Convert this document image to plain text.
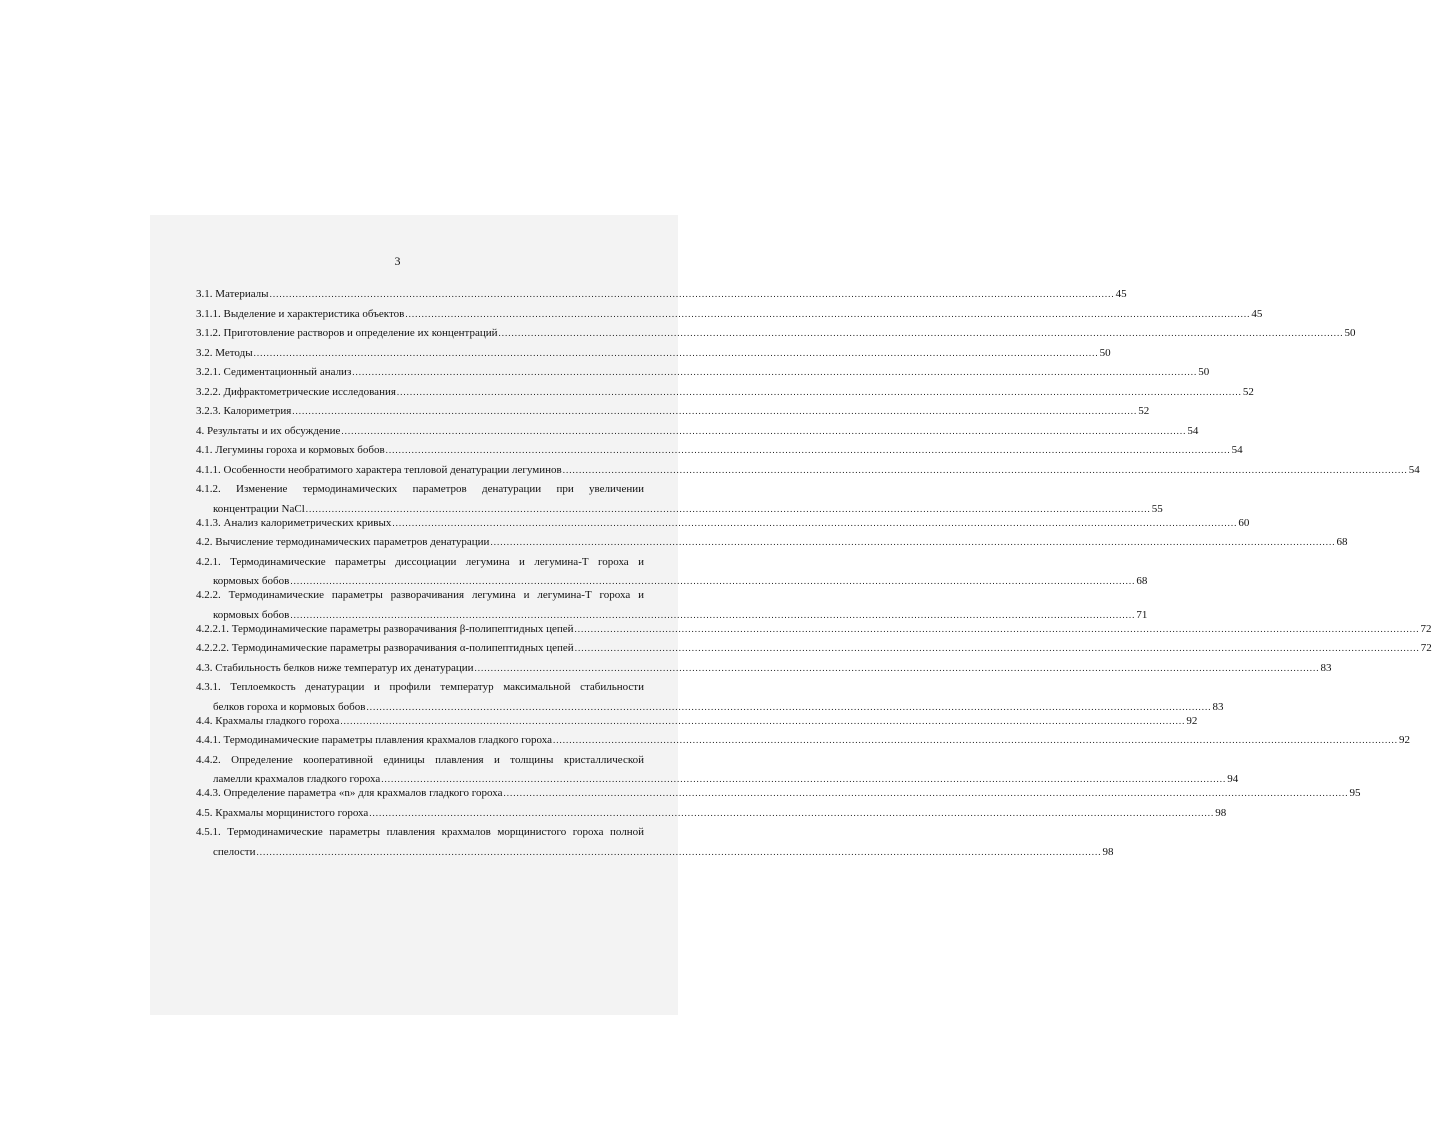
3
3.1. Материалы .................................................................................................................................................................................................................................................................... 45
3.1.1. Выделение и характеристика объектов .................................................................................................................................................................................................................................................................... 45
3.1.2. Приготовление растворов и определение их концентраций .................................................................................................................................................................................................................................................................... 50
3.2. Методы .................................................................................................................................................................................................................................................................... 50
3.2.1. Седиментационный анализ .................................................................................................................................................................................................................................................................... 50
3.2.2. Дифрактометрические исследования .................................................................................................................................................................................................................................................................... 52
3.2.3. Калориметрия .................................................................................................................................................................................................................................................................... 52
4. Результаты и их обсуждение .................................................................................................................................................................................................................................................................... 54
4.1. Легумины гороха и кормовых бобов .................................................................................................................................................................................................................................................................... 54
4.1.1. Особенности необратимого характера тепловой денатурации легуминов .................................................................................................................................................................................................................................................................... 54
4.1.2. Изменение термодинамических параметров денатурации при увеличении
концентрации NaCl .................................................................................................................................................................................................................................................................... 55
4.1.3. Анализ калориметрических кривых .................................................................................................................................................................................................................................................................... 60
4.2. Вычисление термодинамических параметров денатурации .................................................................................................................................................................................................................................................................... 68
4.2.1. Термодинамические параметры диссоциации легумина и легумина-Т гороха и
кормовых бобов .................................................................................................................................................................................................................................................................... 68
4.2.2. Термодинамические параметры разворачивания легумина и легумина-Т гороха и
кормовых бобов .................................................................................................................................................................................................................................................................... 71
4.2.2.1. Термодинамические параметры разворачивания β-полипептидных цепей .................................................................................................................................................................................................................................................................... 72
4.2.2.2. Термодинамические параметры разворачивания α-полипептидных цепей .................................................................................................................................................................................................................................................................... 72
4.3. Стабильность белков ниже температур их денатурации .................................................................................................................................................................................................................................................................... 83
4.3.1. Теплоемкость денатурации и профили температур максимальной стабильности
белков гороха и кормовых бобов .................................................................................................................................................................................................................................................................... 83
4.4. Крахмалы гладкого гороха .................................................................................................................................................................................................................................................................... 92
4.4.1. Термодинамические параметры плавления крахмалов гладкого гороха .................................................................................................................................................................................................................................................................... 92
4.4.2. Определение кооперативной единицы плавления и толщины кристаллической
ламелли крахмалов гладкого гороха .................................................................................................................................................................................................................................................................... 94
4.4.3. Определение параметра «n» для крахмалов гладкого гороха .................................................................................................................................................................................................................................................................... 95
4.5. Крахмалы морщинистого гороха .................................................................................................................................................................................................................................................................... 98
4.5.1. Термодинамические параметры плавления крахмалов морщинистого гороха полной
спелости .................................................................................................................................................................................................................................................................... 98
